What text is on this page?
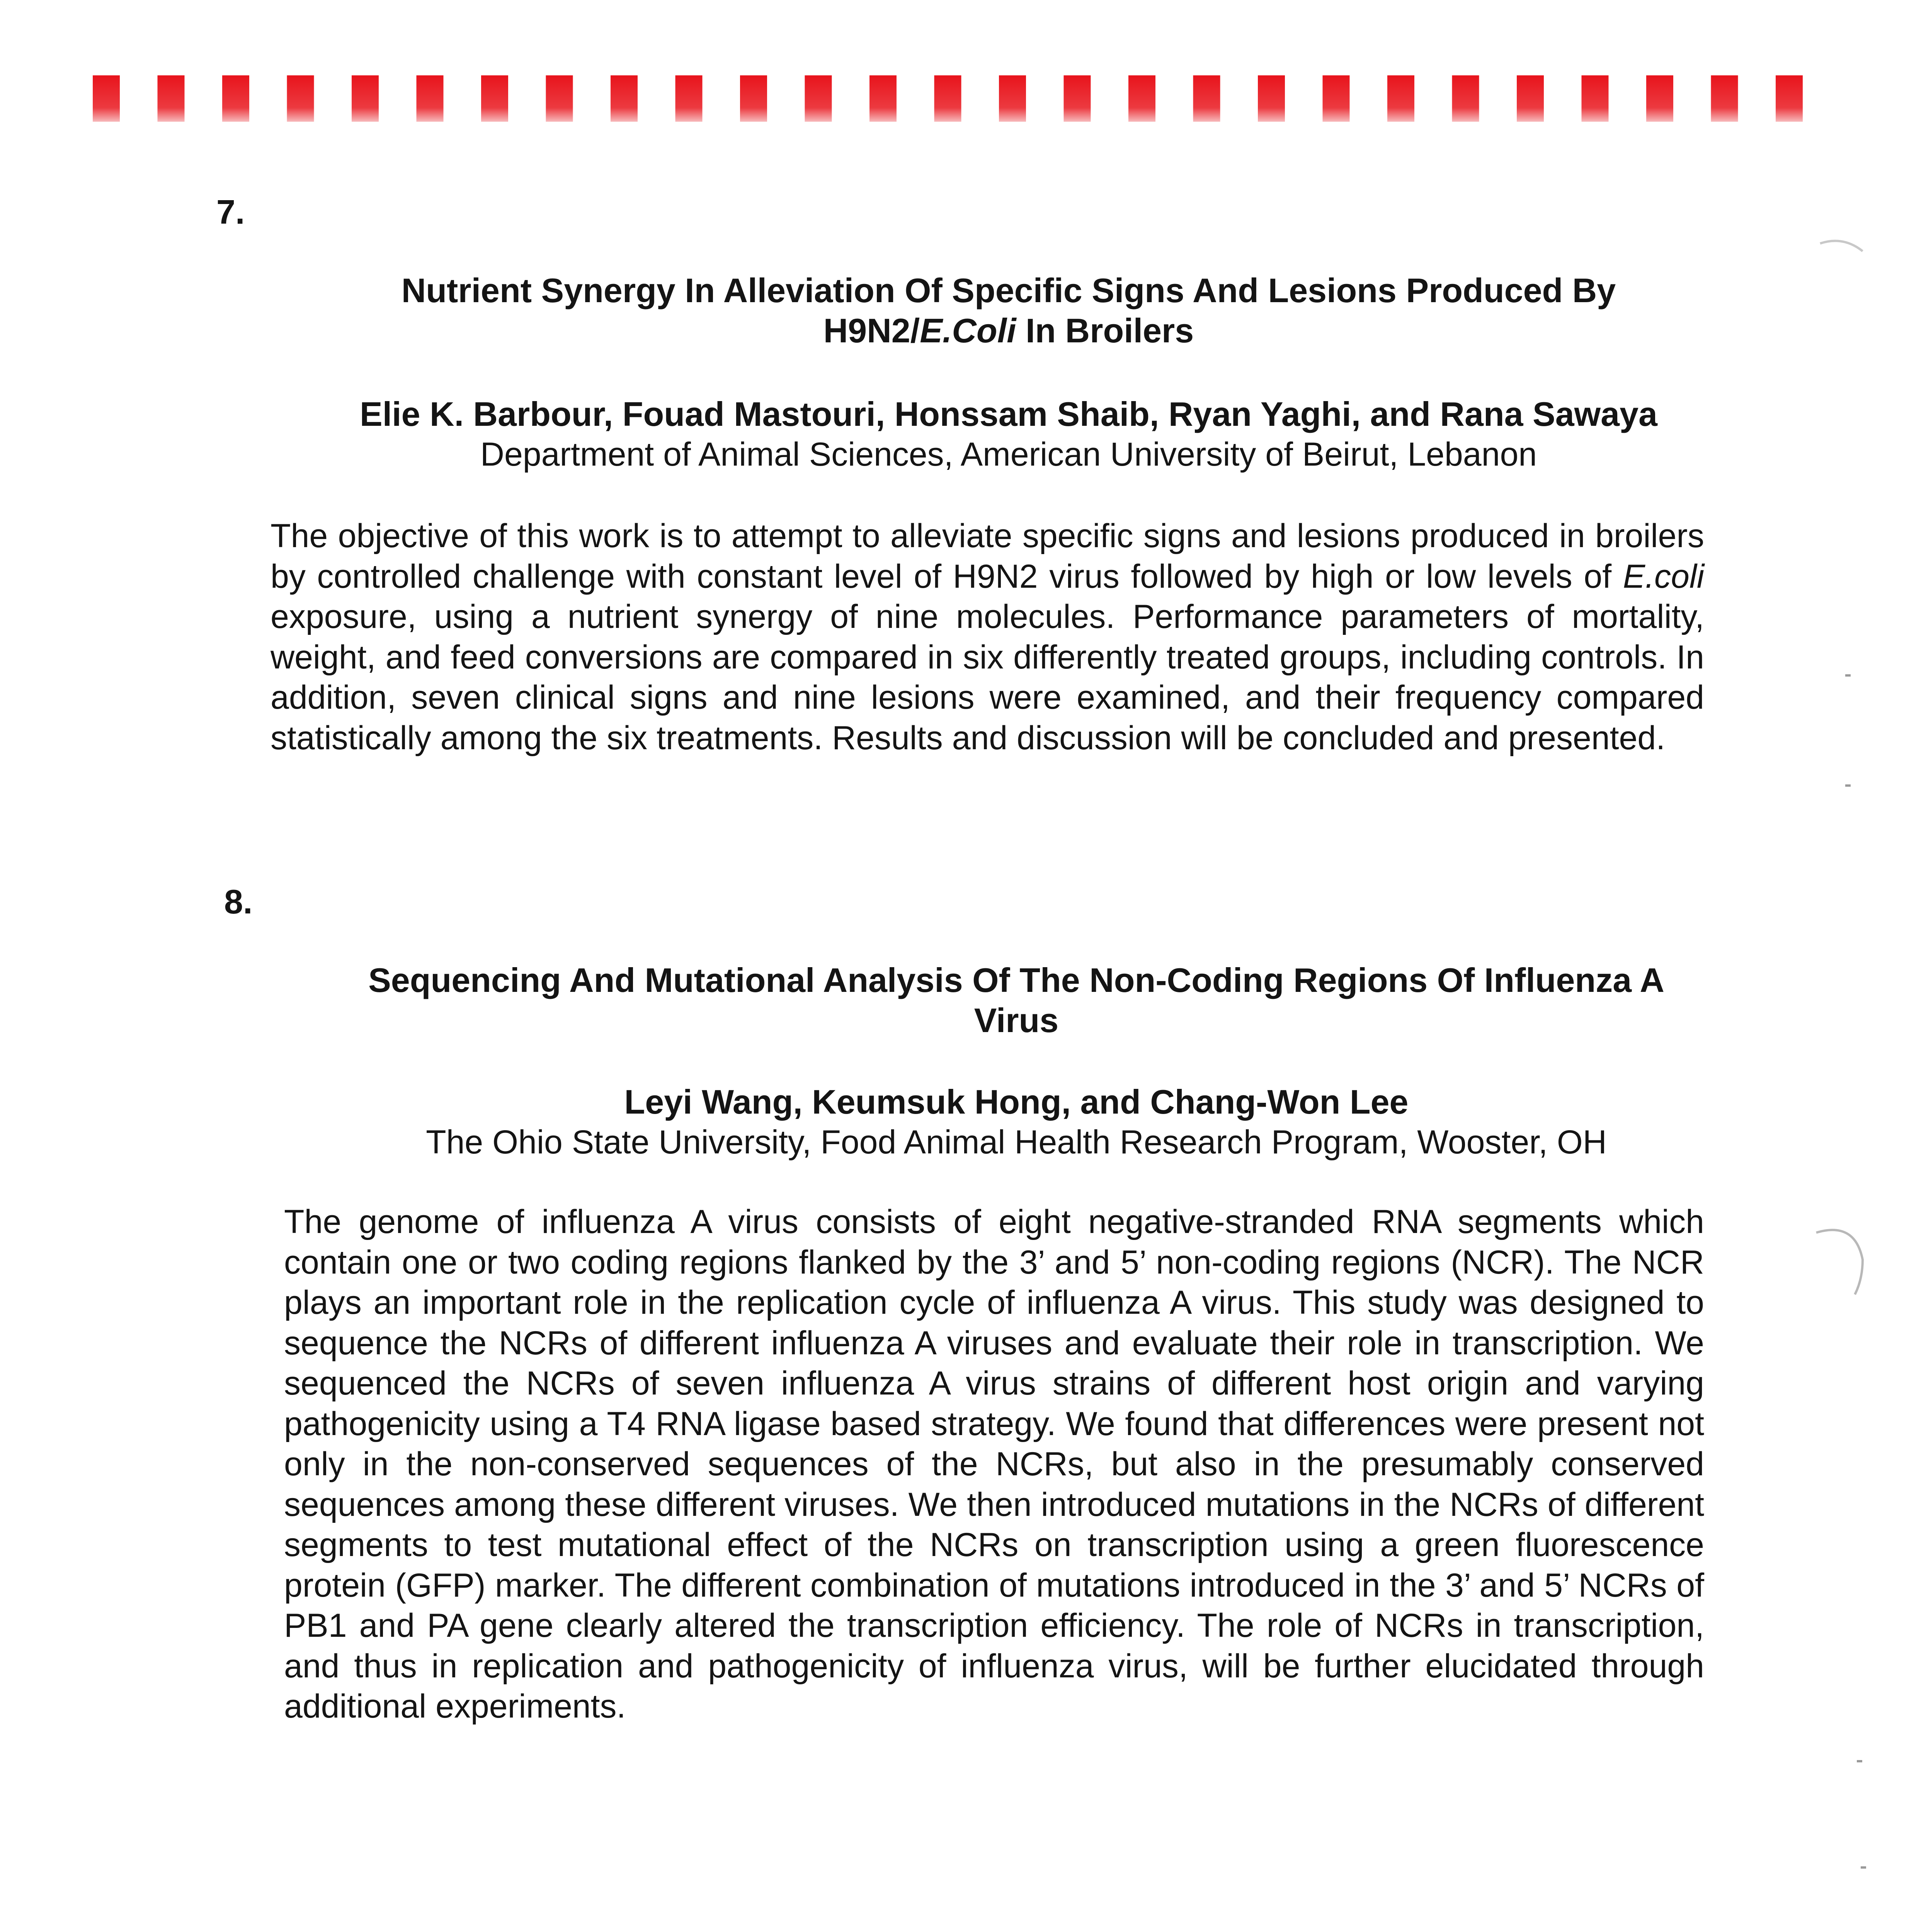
7.
Nutrient Synergy In Alleviation Of Specific Signs And Lesions Produced By
H9N2/E.Coli In Broilers
Elie K. Barbour, Fouad Mastouri, Honssam Shaib, Ryan Yaghi, and Rana Sawaya
Department of Animal Sciences, American University of Beirut, Lebanon

The objective of this work is to attempt to alleviate specific signs and lesions produced in broilers by controlled challenge with constant level of H9N2 virus followed by high or low levels of E.coli exposure, using a nutrient synergy of nine molecules. Performance parameters of mortality, weight, and feed conversions are compared in six differently treated groups, including controls. In addition, seven clinical signs and nine lesions were examined, and their frequency compared statistically among the six treatments. Results and discussion will be concluded and presented.

8.
Sequencing And Mutational Analysis Of The Non-Coding Regions Of Influenza A
Virus
Leyi Wang, Keumsuk Hong, and Chang-Won Lee
The Ohio State University, Food Animal Health Research Program, Wooster, OH

The genome of influenza A virus consists of eight negative-stranded RNA segments which contain one or two coding regions flanked by the 3’ and 5’ non-coding regions (NCR). The NCR plays an important role in the replication cycle of influenza A virus. This study was designed to sequence the NCRs of different influenza A viruses and evaluate their role in transcription. We sequenced the NCRs of seven influenza A virus strains of different host origin and varying pathogenicity using a T4 RNA ligase based strategy. We found that differences were present not only in the non-conserved sequences of the NCRs, but also in the presumably conserved sequences among these different viruses. We then introduced mutations in the NCRs of different segments to test mutational effect of the NCRs on transcription using a green fluorescence protein (GFP) marker. The different combination of mutations introduced in the 3’ and 5’ NCRs of PB1 and PA gene clearly altered the transcription efficiency. The role of NCRs in transcription, and thus in replication and pathogenicity of influenza virus, will be further elucidated through additional experiments.
